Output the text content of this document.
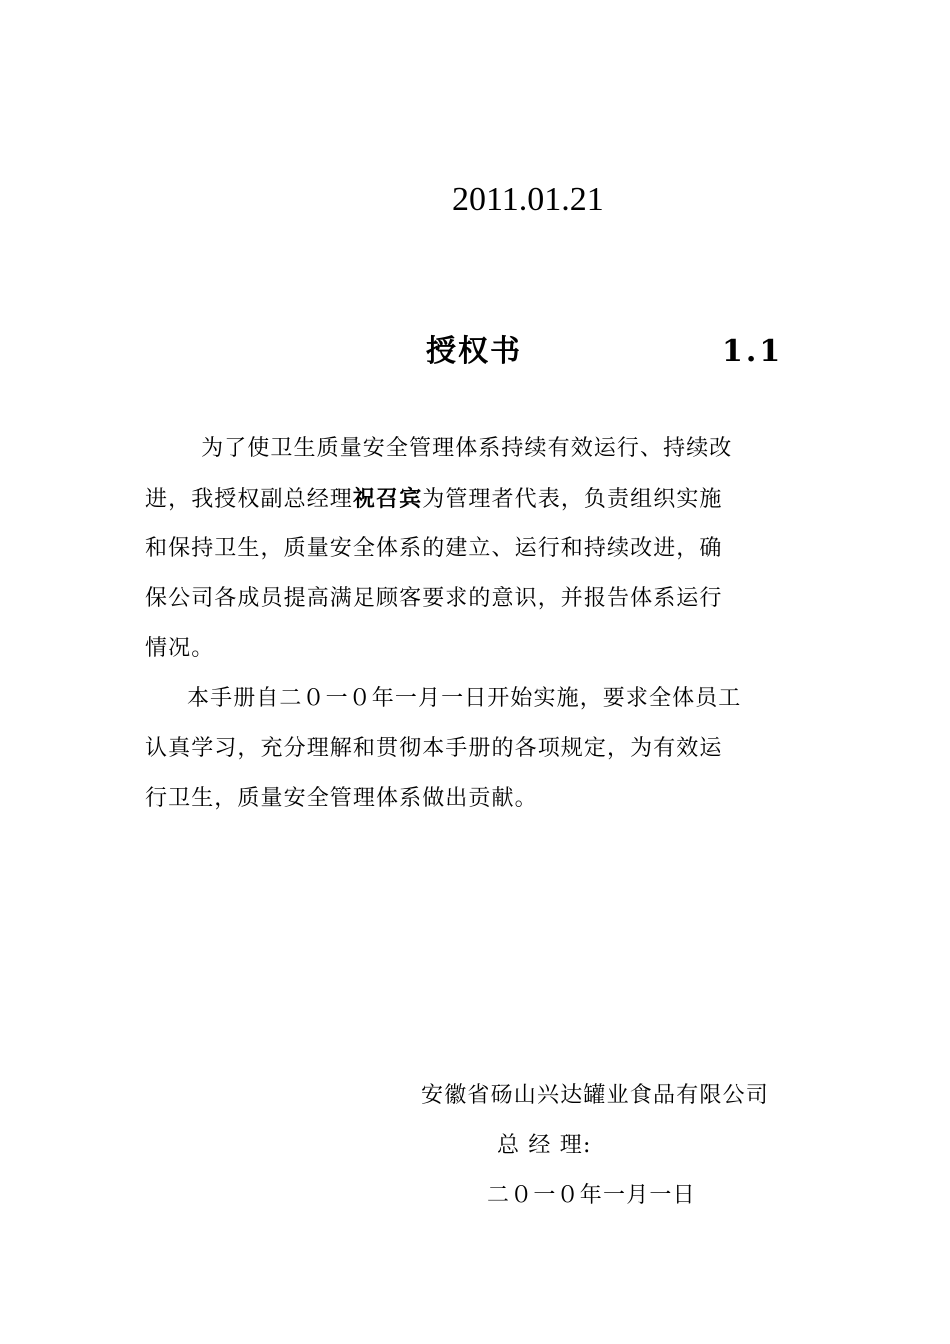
2011.01.21
授权书	1.1
　为了使卫生质量安全管理体系持续有效运行、持续改
进，我授权副总经理祝召宾为管理者代表，负责组织实施
和保持卫生，质量安全体系的建立、运行和持续改进，确
保公司各成员提高满足顾客要求的意识，并报告体系运行
情况。
本手册自二０一０年一月一日开始实施，要求全体员工
认真学习，充分理解和贯彻本手册的各项规定，为有效运
行卫生，质量安全管理体系做出贡献。
安徽省砀山兴达罐业食品有限公司
总 经 理:
二０一０年一月一日
